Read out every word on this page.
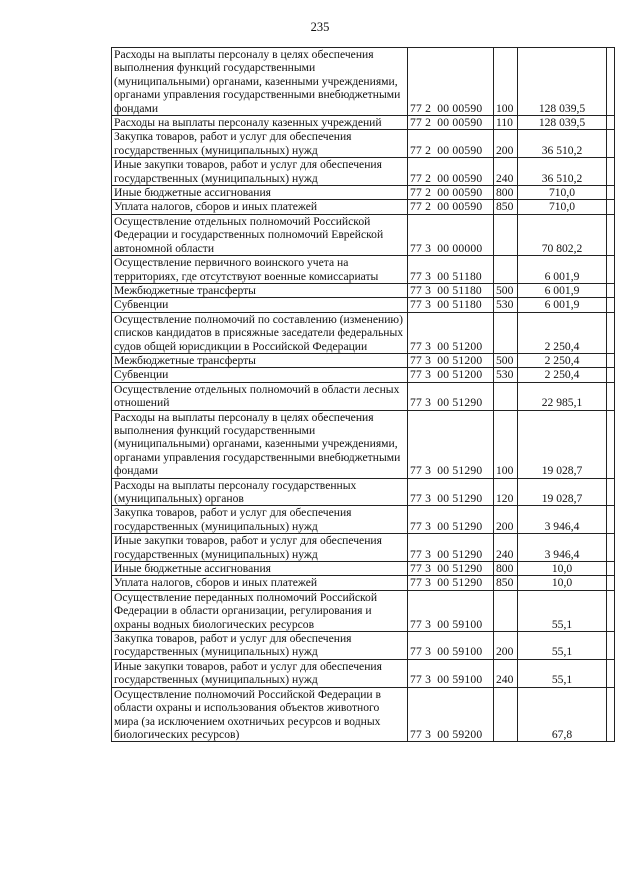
235
Расходы на выплаты персоналу в целях обеспечения выполнения функций государственными (муниципальными) органами, казенными учреждениями, органами управления государственными внебюджетными фондами	77 2  00 00590	100	128 039,5	
Расходы на выплаты персоналу казенных учреждений	77 2  00 00590	110	128 039,5	
Закупка товаров, работ и услуг для обеспечения государственных (муниципальных) нужд	77 2  00 00590	200	36 510,2	
Иные закупки товаров, работ и услуг для обеспечения государственных (муниципальных) нужд	77 2  00 00590	240	36 510,2	
Иные бюджетные ассигнования	77 2  00 00590	800	710,0	
Уплата налогов, сборов и иных платежей	77 2  00 00590	850	710,0	
Осуществление отдельных полномочий Российской Федерации и государственных полномочий Еврейской автономной области	77 3  00 00000		70 802,2	
Осуществление первичного воинского учета на территориях, где отсутствуют военные комиссариаты	77 3  00 51180		6 001,9	
Межбюджетные трансферты	77 3  00 51180	500	6 001,9	
Субвенции	77 3  00 51180	530	6 001,9	
Осуществление полномочий по составлению (изменению) списков кандидатов в присяжные заседатели федеральных судов общей юрисдикции в Российской Федерации	77 3  00 51200		2 250,4	
Межбюджетные трансферты	77 3  00 51200	500	2 250,4	
Субвенции	77 3  00 51200	530	2 250,4	
Осуществление отдельных полномочий в области лесных отношений	77 3  00 51290		22 985,1	
Расходы на выплаты персоналу в целях обеспечения выполнения функций государственными (муниципальными) органами, казенными учреждениями, органами управления государственными внебюджетными фондами	77 3  00 51290	100	19 028,7	
Расходы на выплаты персоналу государственных (муниципальных) органов	77 3  00 51290	120	19 028,7	
Закупка товаров, работ и услуг для обеспечения государственных (муниципальных) нужд	77 3  00 51290	200	3 946,4	
Иные закупки товаров, работ и услуг для обеспечения государственных (муниципальных) нужд	77 3  00 51290	240	3 946,4	
Иные бюджетные ассигнования	77 3  00 51290	800	10,0	
Уплата налогов, сборов и иных платежей	77 3  00 51290	850	10,0	
Осуществление переданных полномочий Российской Федерации в области организации, регулирования и охраны водных биологических ресурсов	77 3  00 59100		55,1	
Закупка товаров, работ и услуг для обеспечения государственных (муниципальных) нужд	77 3  00 59100	200	55,1	
Иные закупки товаров, работ и услуг для обеспечения государственных (муниципальных) нужд	77 3  00 59100	240	55,1	
Осуществление полномочий Российской Федерации в области охраны и использования объектов животного мира (за исключением охотничьих ресурсов и водных биологических ресурсов)	77 3  00 59200		67,8	
